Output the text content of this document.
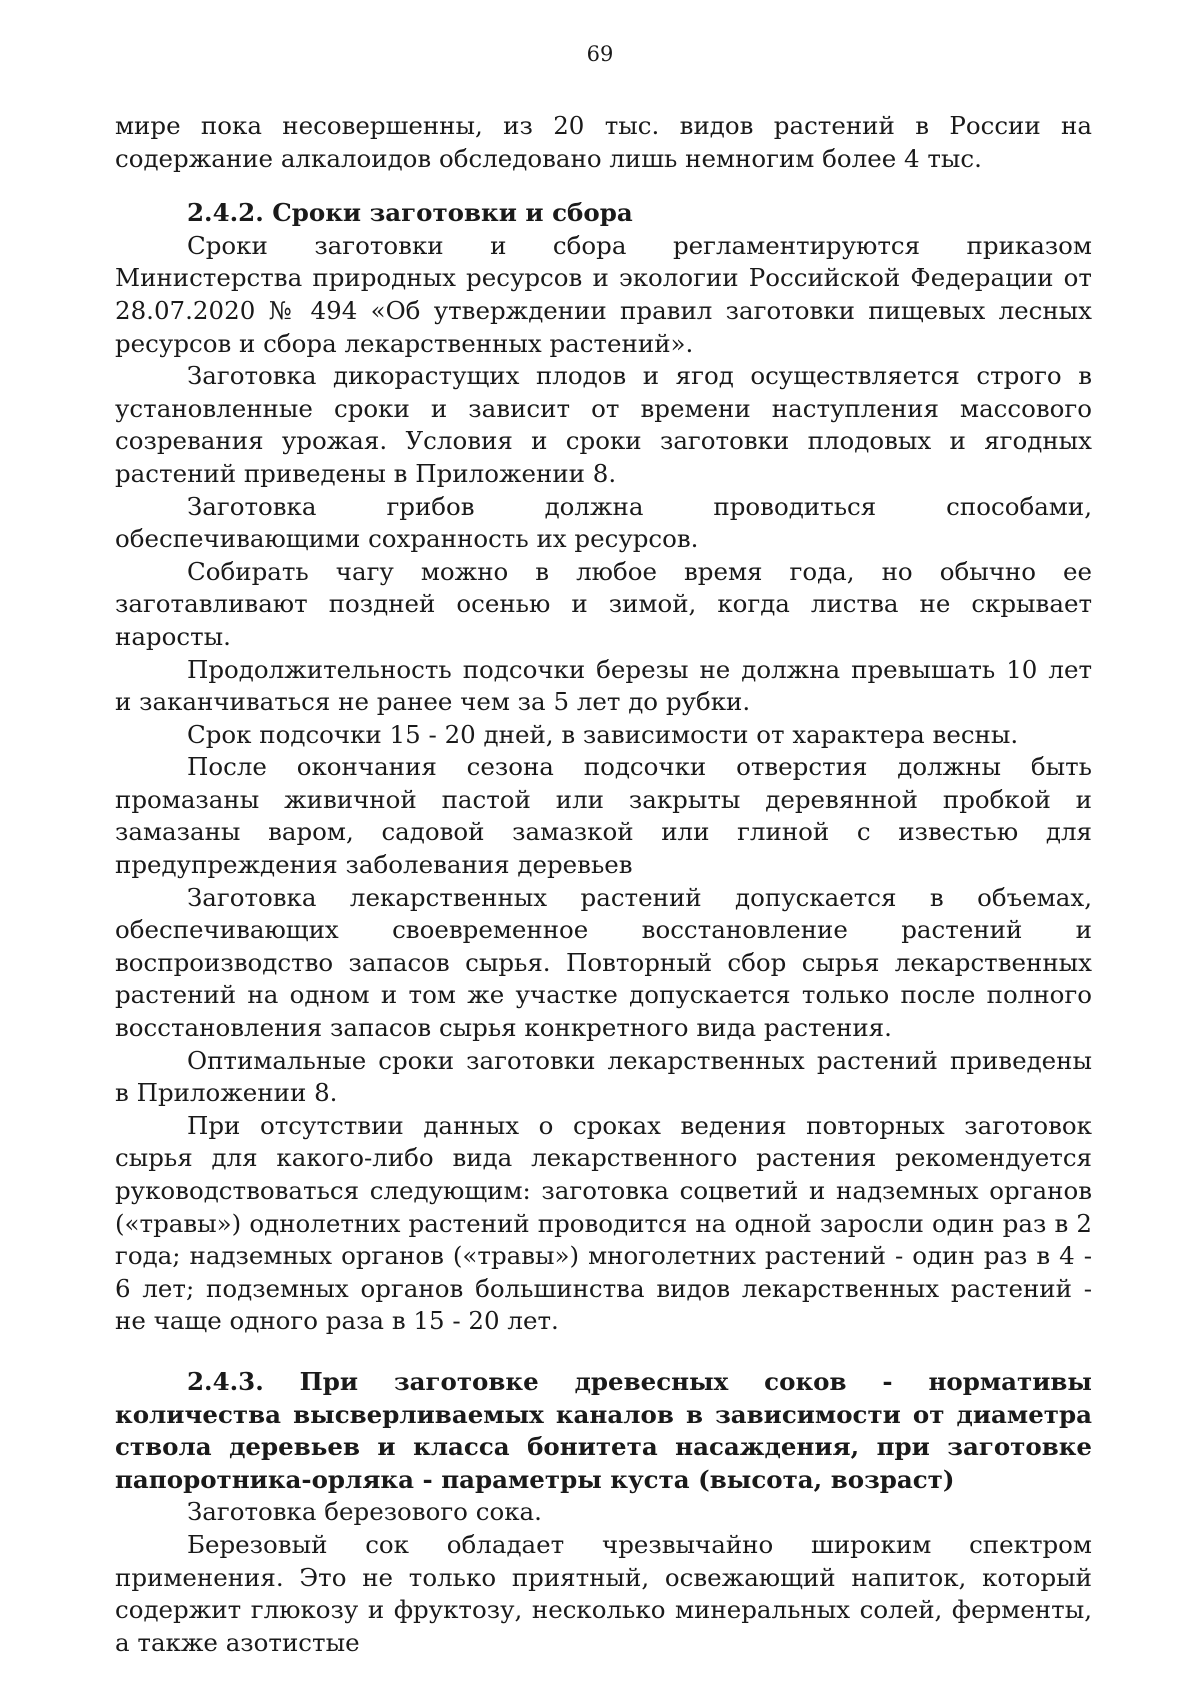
69

мире пока несовершенны, из 20 тыс. видов растений в России на содержание алкалоидов обследовано лишь немногим более 4 тыс.

2.4.2. Сроки заготовки и сбора

Сроки заготовки и сбора регламентируются приказом Министерства природных ресурсов и экологии Российской Федерации от 28.07.2020 № 494 «Об утверждении правил заготовки пищевых лесных ресурсов и сбора лекарственных растений».

Заготовка дикорастущих плодов и ягод осуществляется строго в установленные сроки и зависит от времени наступления массового созревания урожая. Условия и сроки заготовки плодовых и ягодных растений приведены в Приложении 8.

Заготовка грибов должна проводиться способами, обеспечивающими сохранность их ресурсов.

Собирать чагу можно в любое время года, но обычно ее заготавливают поздней осенью и зимой, когда листва не скрывает наросты.

Продолжительность подсочки березы не должна превышать 10 лет и заканчиваться не ранее чем за 5 лет до рубки.

Срок подсочки 15 - 20 дней, в зависимости от характера весны.

После окончания сезона подсочки отверстия должны быть промазаны живичной пастой или закрыты деревянной пробкой и замазаны варом, садовой замазкой или глиной с известью для предупреждения заболевания деревьев

Заготовка лекарственных растений допускается в объемах, обеспечивающих своевременное восстановление растений и воспроизводство запасов сырья. Повторный сбор сырья лекарственных растений на одном и том же участке допускается только после полного восстановления запасов сырья конкретного вида растения.

Оптимальные сроки заготовки лекарственных растений приведены в Приложении 8.

При отсутствии данных о сроках ведения повторных заготовок сырья для какого-либо вида лекарственного растения рекомендуется руководствоваться следующим: заготовка соцветий и надземных органов («травы») однолетних растений проводится на одной заросли один раз в 2 года; надземных органов («травы») многолетних растений - один раз в 4 - 6 лет; подземных органов большинства видов лекарственных растений - не чаще одного раза в 15 - 20 лет.

2.4.3. При заготовке древесных соков - нормативы количества высверливаемых каналов в зависимости от диаметра ствола деревьев и класса бонитета насаждения, при заготовке папоротника-орляка - параметры куста (высота, возраст)

Заготовка березового сока.

Березовый сок обладает чрезвычайно широким спектром применения. Это не только приятный, освежающий напиток, который содержит глюкозу и фруктозу, несколько минеральных солей, ферменты, а также азотистые
